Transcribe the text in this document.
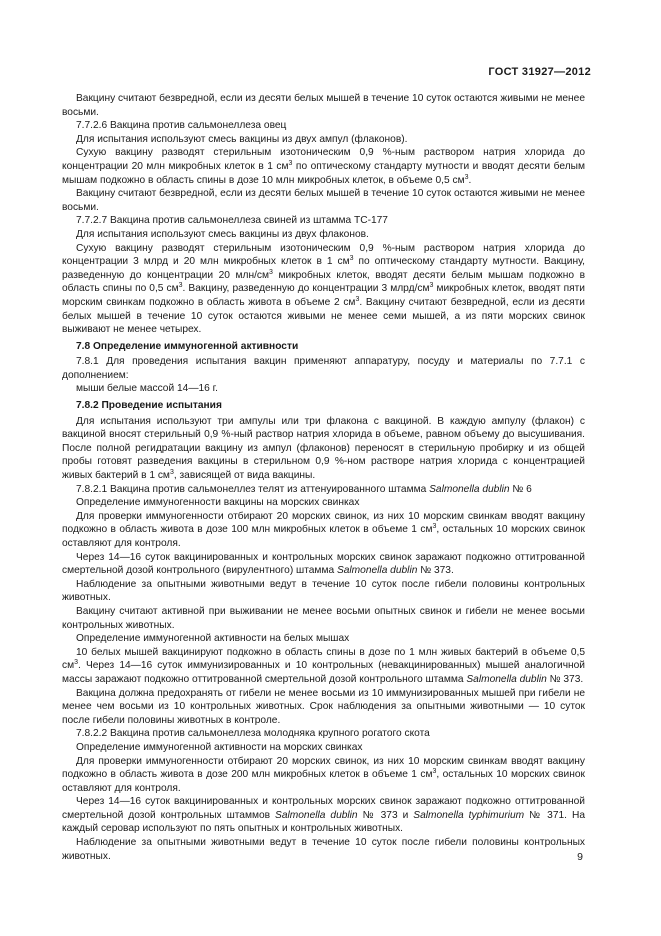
ГОСТ 31927—2012

Вакцину считают безвредной, если из десяти белых мышей в течение 10 суток остаются живыми не менее восьми.

7.7.2.6 Вакцина против сальмонеллеза овец

Для испытания используют смесь вакцины из двух ампул (флаконов).

Сухую вакцину разводят стерильным изотоническим 0,9 %-ным раствором натрия хлорида до концентрации 20 млн микробных клеток в 1 $см^3$ по оптическому стандарту мутности и вводят десяти белым мышам подкожно в область спины в дозе 10 млн микробных клеток, в объеме 0,5 $см^3$.

Вакцину считают безвредной, если из десяти белых мышей в течение 10 суток остаются живыми не менее восьми.

7.7.2.7 Вакцина против сальмонеллеза свиней из штамма ТС-177

Для испытания используют смесь вакцины из двух флаконов.

Сухую вакцину разводят стерильным изотоническим 0,9 %-ным раствором натрия хлорида до концентрации 3 млрд и 20 млн микробных клеток в 1 $см^3$ по оптическому стандарту мутности. Вакцину, разведенную до концентрации 20 млн/$см^3$ микробных клеток, вводят десяти белым мышам подкожно в область спины по 0,5 $см^3$. Вакцину, разведенную до концентрации 3 млрд/$см^3$ микробных клеток, вводят пяти морским свинкам подкожно в область живота в объеме 2 $см^3$. Вакцину считают безвредной, если из десяти белых мышей в течение 10 суток остаются живыми не менее семи мышей, а из пяти морских свинок выживают не менее четырех.

7.8 Определение иммуногенной активности

7.8.1 Для проведения испытания вакцин применяют аппаратуру, посуду и материалы по 7.7.1 с дополнением:

мыши белые массой 14—16 г.

7.8.2 Проведение испытания

Для испытания используют три ампулы или три флакона с вакциной. В каждую ампулу (флакон) с вакциной вносят стерильный 0,9 %-ный раствор натрия хлорида в объеме, равном объему до высушивания. После полной регидратации вакцину из ампул (флаконов) переносят в стерильную пробирку и из общей пробы готовят разведения вакцины в стерильном 0,9 %-ном растворе натрия хлорида с концентрацией живых бактерий в 1 $см^3$, зависящей от вида вакцины.

7.8.2.1 Вакцина против сальмонеллез телят из аттенуированного штамма Salmonella dublin № 6

Определение иммуногенности вакцины на морских свинках

Для проверки иммуногенности отбирают 20 морских свинок, из них 10 морским свинкам вводят вакцину подкожно в область живота в дозе 100 млн микробных клеток в объеме 1 $см^3$, остальных 10 морских свинок оставляют для контроля.

Через 14—16 суток вакцинированных и контрольных морских свинок заражают подкожно оттитрованной смертельной дозой контрольного (вирулентного) штамма Salmonella dublin № 373.

Наблюдение за опытными животными ведут в течение 10 суток после гибели половины контрольных животных.

Вакцину считают активной при выживании не менее восьми опытных свинок и гибели не менее восьми контрольных животных.

Определение иммуногенной активности на белых мышах

10 белых мышей вакцинируют подкожно в область спины в дозе по 1 млн живых бактерий в объеме 0,5 $см^3$. Через 14—16 суток иммунизированных и 10 контрольных (невакцинированных) мышей аналогичной массы заражают подкожно оттитрованной смертельной дозой контрольного штамма Salmonella dublin № 373.

Вакцина должна предохранять от гибели не менее восьми из 10 иммунизированных мышей при гибели не менее чем восьми из 10 контрольных животных. Срок наблюдения за опытными животными — 10 суток после гибели половины животных в контроле.

7.8.2.2 Вакцина против сальмонеллеза молодняка крупного рогатого скота

Определение иммуногенной активности на морских свинках

Для проверки иммуногенности отбирают 20 морских свинок, из них 10 морским свинкам вводят вакцину подкожно в область живота в дозе 200 млн микробных клеток в объеме 1 $см^3$, остальных 10 морских свинок оставляют для контроля.

Через 14—16 суток вакцинированных и контрольных морских свинок заражают подкожно оттитрованной смертельной дозой контрольных штаммов Salmonella dublin № 373 и Salmonella typhimurium № 371. На каждый серовар используют по пять опытных и контрольных животных.

Наблюдение за опытными животными ведут в течение 10 суток после гибели половины контрольных животных.	9
